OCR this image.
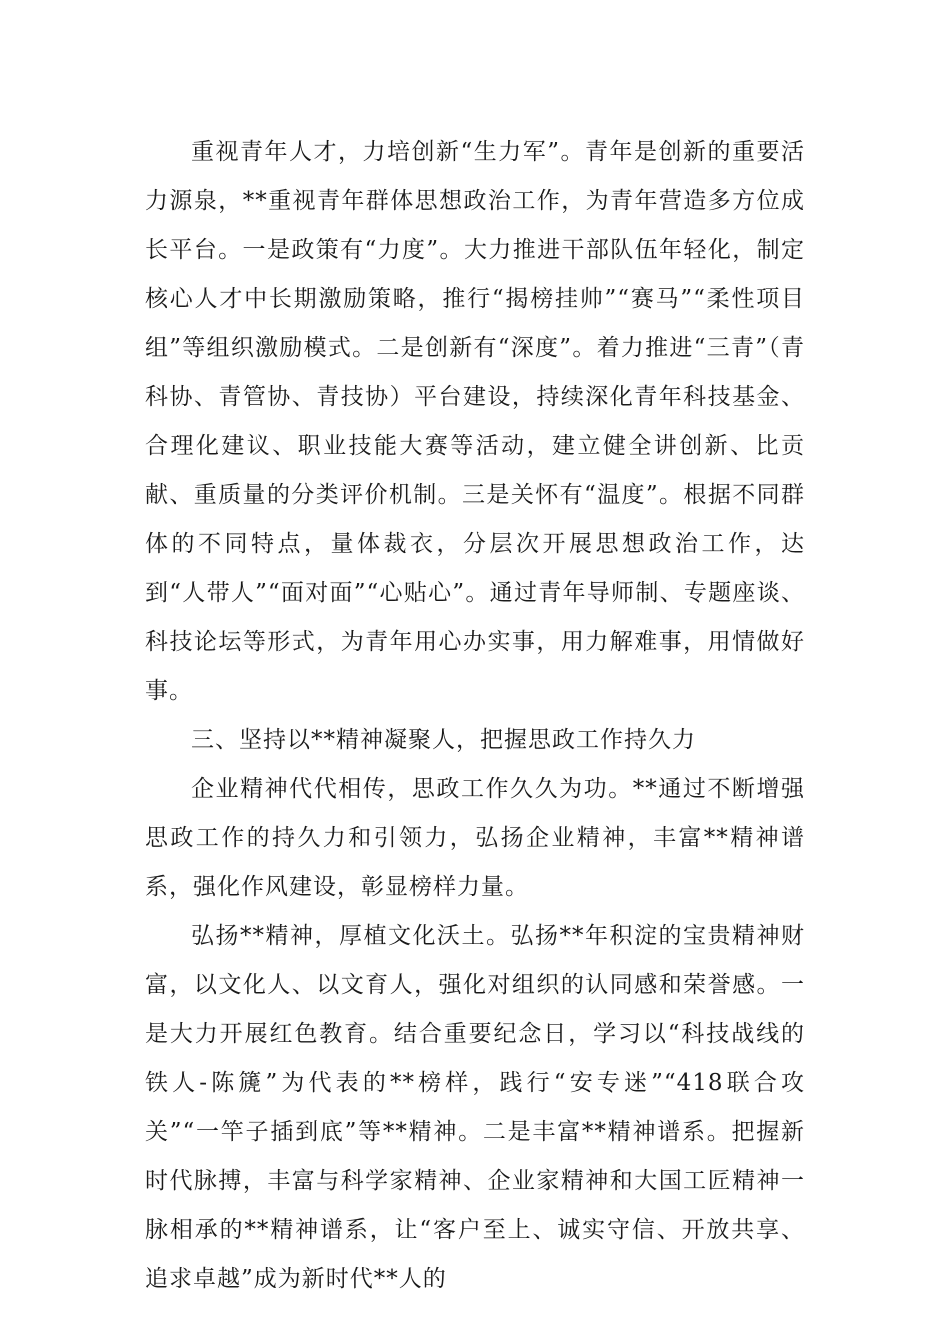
重视青年人才，力培创新“生力军”。青年是创新的重要活力源泉，**重视青年群体思想政治工作，为青年营造多方位成长平台。一是政策有“力度”。大力推进干部队伍年轻化，制定核心人才中长期激励策略，推行“揭榜挂帅”“赛马”“柔性项目组”等组织激励模式。二是创新有“深度”。着力推进“三青”（青科协、青管协、青技协）平台建设，持续深化青年科技基金、合理化建议、职业技能大赛等活动，建立健全讲创新、比贡献、重质量的分类评价机制。三是关怀有“温度”。根据不同群体的不同特点，量体裁衣，分层次开展思想政治工作，达到“人带人”“面对面”“心贴心”。通过青年导师制、专题座谈、科技论坛等形式，为青年用心办实事，用力解难事，用情做好事。

三、坚持以**精神凝聚人，把握思政工作持久力

企业精神代代相传，思政工作久久为功。**通过不断增强思政工作的持久力和引领力，弘扬企业精神，丰富**精神谱系，强化作风建设，彰显榜样力量。

弘扬**精神，厚植文化沃土。弘扬**年积淀的宝贵精神财富，以文化人、以文育人，强化对组织的认同感和荣誉感。一是大力开展红色教育。结合重要纪念日，学习以“科技战线的铁人-陈篪”为代表的**榜样，践行“安专迷”“418联合攻关”“一竿子插到底”等**精神。二是丰富**精神谱系。把握新时代脉搏，丰富与科学家精神、企业家精神和大国工匠精神一脉相承的**精神谱系，让“客户至上、诚实守信、开放共享、追求卓越”成为新时代**人的
